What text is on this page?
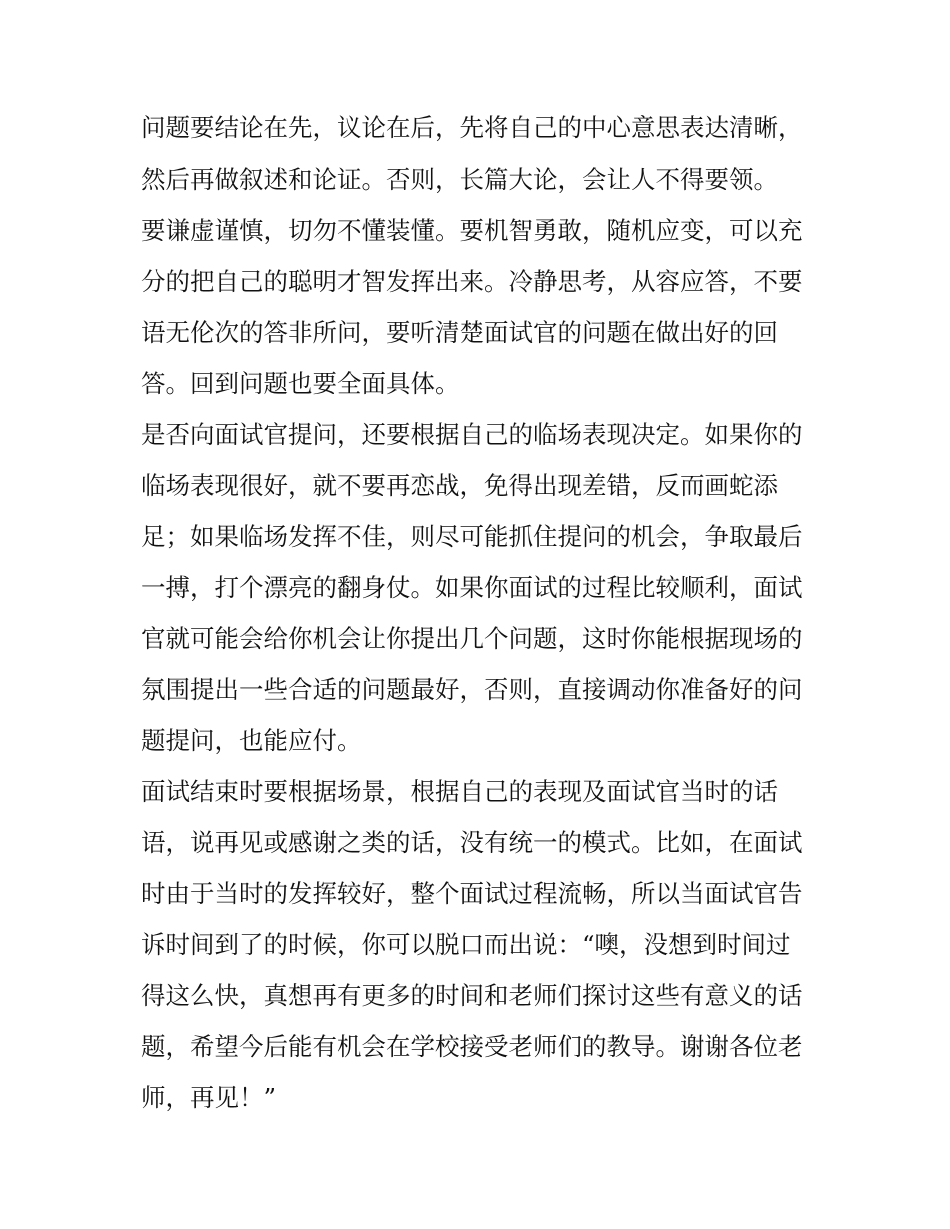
问题要结论在先，议论在后，先将自己的中心意思表达清晰，
然后再做叙述和论证。否则，长篇大论，会让人不得要领。
要谦虚谨慎，切勿不懂装懂。要机智勇敢，随机应变，可以充
分的把自己的聪明才智发挥出来。冷静思考，从容应答，不要
语无伦次的答非所问，要听清楚面试官的问题在做出好的回
答。回到问题也要全面具体。
是否向面试官提问，还要根据自己的临场表现决定。如果你的
临场表现很好，就不要再恋战，免得出现差错，反而画蛇添
足；如果临场发挥不佳，则尽可能抓住提问的机会，争取最后
一搏，打个漂亮的翻身仗。如果你面试的过程比较顺利，面试
官就可能会给你机会让你提出几个问题，这时你能根据现场的
氛围提出一些合适的问题最好，否则，直接调动你准备好的问
题提问，也能应付。
面试结束时要根据场景，根据自己的表现及面试官当时的话
语，说再见或感谢之类的话，没有统一的模式。比如，在面试
时由于当时的发挥较好，整个面试过程流畅，所以当面试官告
诉时间到了的时候，你可以脱口而出说：“噢，没想到时间过
得这么快，真想再有更多的时间和老师们探讨这些有意义的话
题，希望今后能有机会在学校接受老师们的教导。谢谢各位老
师，再见！”
